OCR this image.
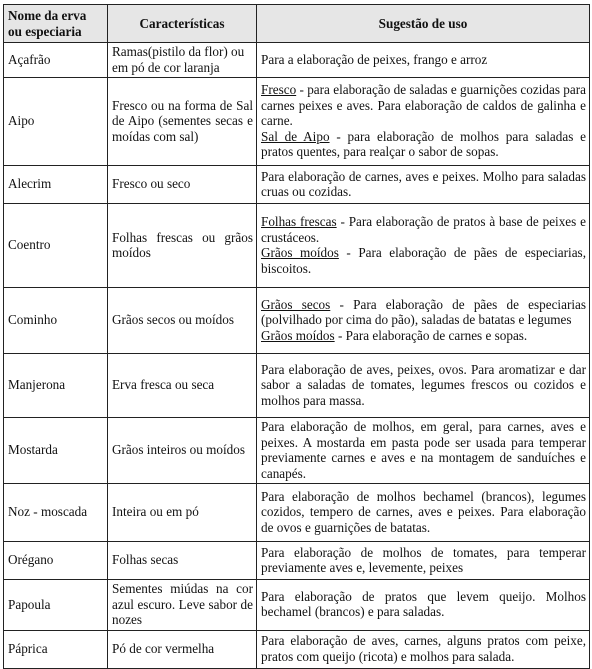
Nome da erva ou especiaria	Características	Sugestão de uso
Açafrão	Ramas(pistilo da flor) ou em pó de cor laranja	Para a elaboração de peixes, frango e arroz

Aipo	Fresco ou na forma de Sal de Aipo (sementes secas e moídas com sal)	Fresco - para elaboração de saladas e guarnições cozidas para carnes peixes e aves. Para elaboração de caldos de galinha e carne.
Sal de Aipo - para elaboração de molhos para saladas e pratos quentes, para realçar o sabor de sopas.

Alecrim	Fresco ou seco	Para elaboração de carnes, aves e peixes. Molho para saladas cruas ou cozidas.

Coentro	Folhas frescas ou grãos moídos	Folhas frescas - Para elaboração de pratos à base de peixes e crustáceos.
Grãos moídos - Para elaboração de pães de especiarias, biscoitos.

Cominho	Grãos secos ou moídos	Grãos secos - Para elaboração de pães de especiarias (polvilhado por cima do pão), saladas de batatas e legumes
Grãos moídos - Para elaboração de carnes e sopas.

Manjerona	Erva fresca ou seca	Para elaboração de aves, peixes, ovos. Para aromatizar e dar sabor a saladas de tomates, legumes frescos ou cozidos e molhos para massa.

Mostarda	Grãos inteiros ou moídos	Para elaboração de molhos, em geral, para carnes, aves e peixes. A mostarda em pasta pode ser usada para temperar previamente carnes e aves e na montagem de sanduíches e canapés.

Noz - moscada	Inteira ou em pó	Para elaboração de molhos bechamel (brancos), legumes cozidos, tempero de carnes, aves e peixes. Para elaboração de ovos e guarnições de batatas.

Orégano	Folhas secas	Para elaboração de molhos de tomates, para temperar previamente aves e, levemente, peixes

Papoula	Sementes miúdas na cor azul escuro. Leve sabor de nozes	Para elaboração de pratos que levem queijo. Molhos bechamel (brancos) e para saladas.

Páprica	Pó de cor vermelha	Para elaboração de aves, carnes, alguns pratos com peixe, pratos com queijo (ricota) e molhos para salada.
